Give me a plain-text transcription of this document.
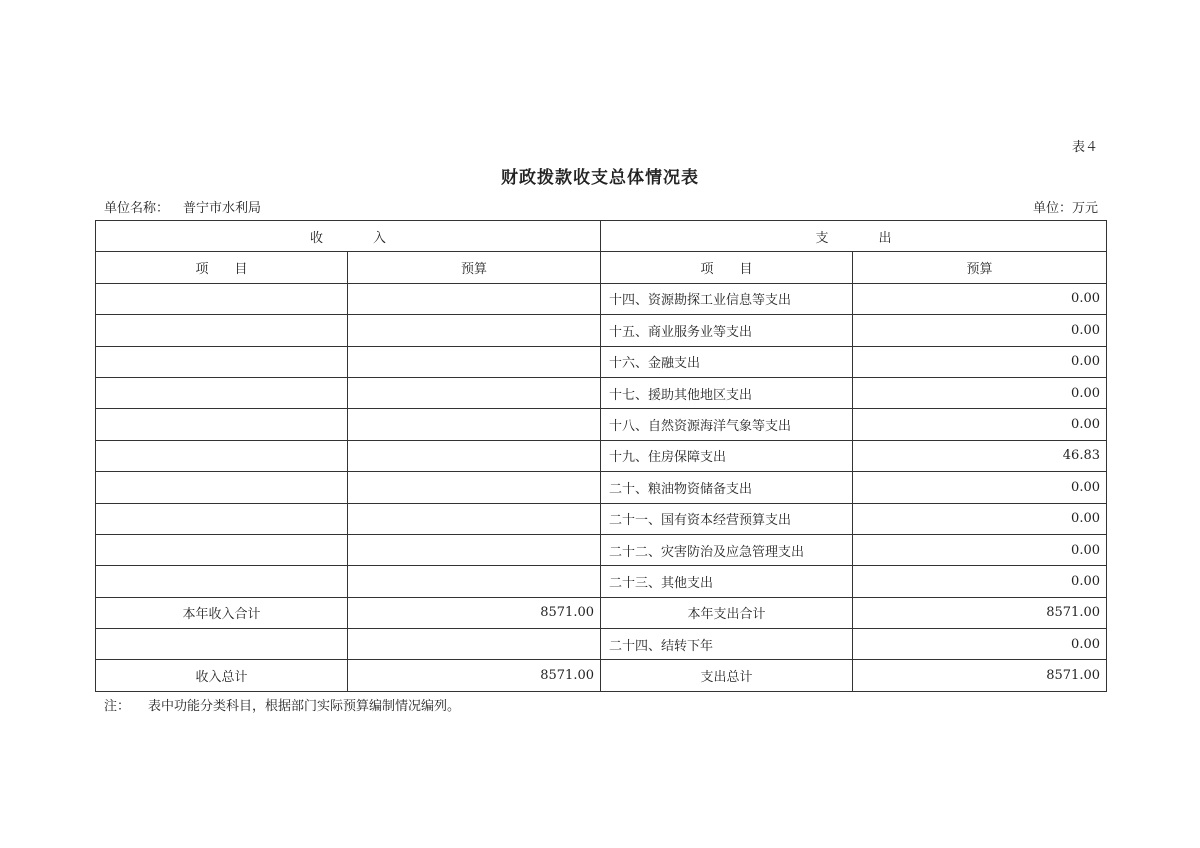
表４
财政拨款收支总体情况表
单位名称： 普宁市水利局	单位：万元
收 入		支 出	
项 目	预算	项 目	预算
		十四、资源勘探工业信息等支出	0.00
		十五、商业服务业等支出	0.00
		十六、金融支出	0.00
		十七、援助其他地区支出	0.00
		十八、自然资源海洋气象等支出	0.00
		十九、住房保障支出	46.83
		二十、粮油物资储备支出	0.00
		二十一、国有资本经营预算支出	0.00
		二十二、灾害防治及应急管理支出	0.00
		二十三、其他支出	0.00
本年收入合计	8571.00	本年支出合计	8571.00
		二十四、结转下年	0.00
收入总计	8571.00	支出总计	8571.00
注： 表中功能分类科目，根据部门实际预算编制情况编列。
